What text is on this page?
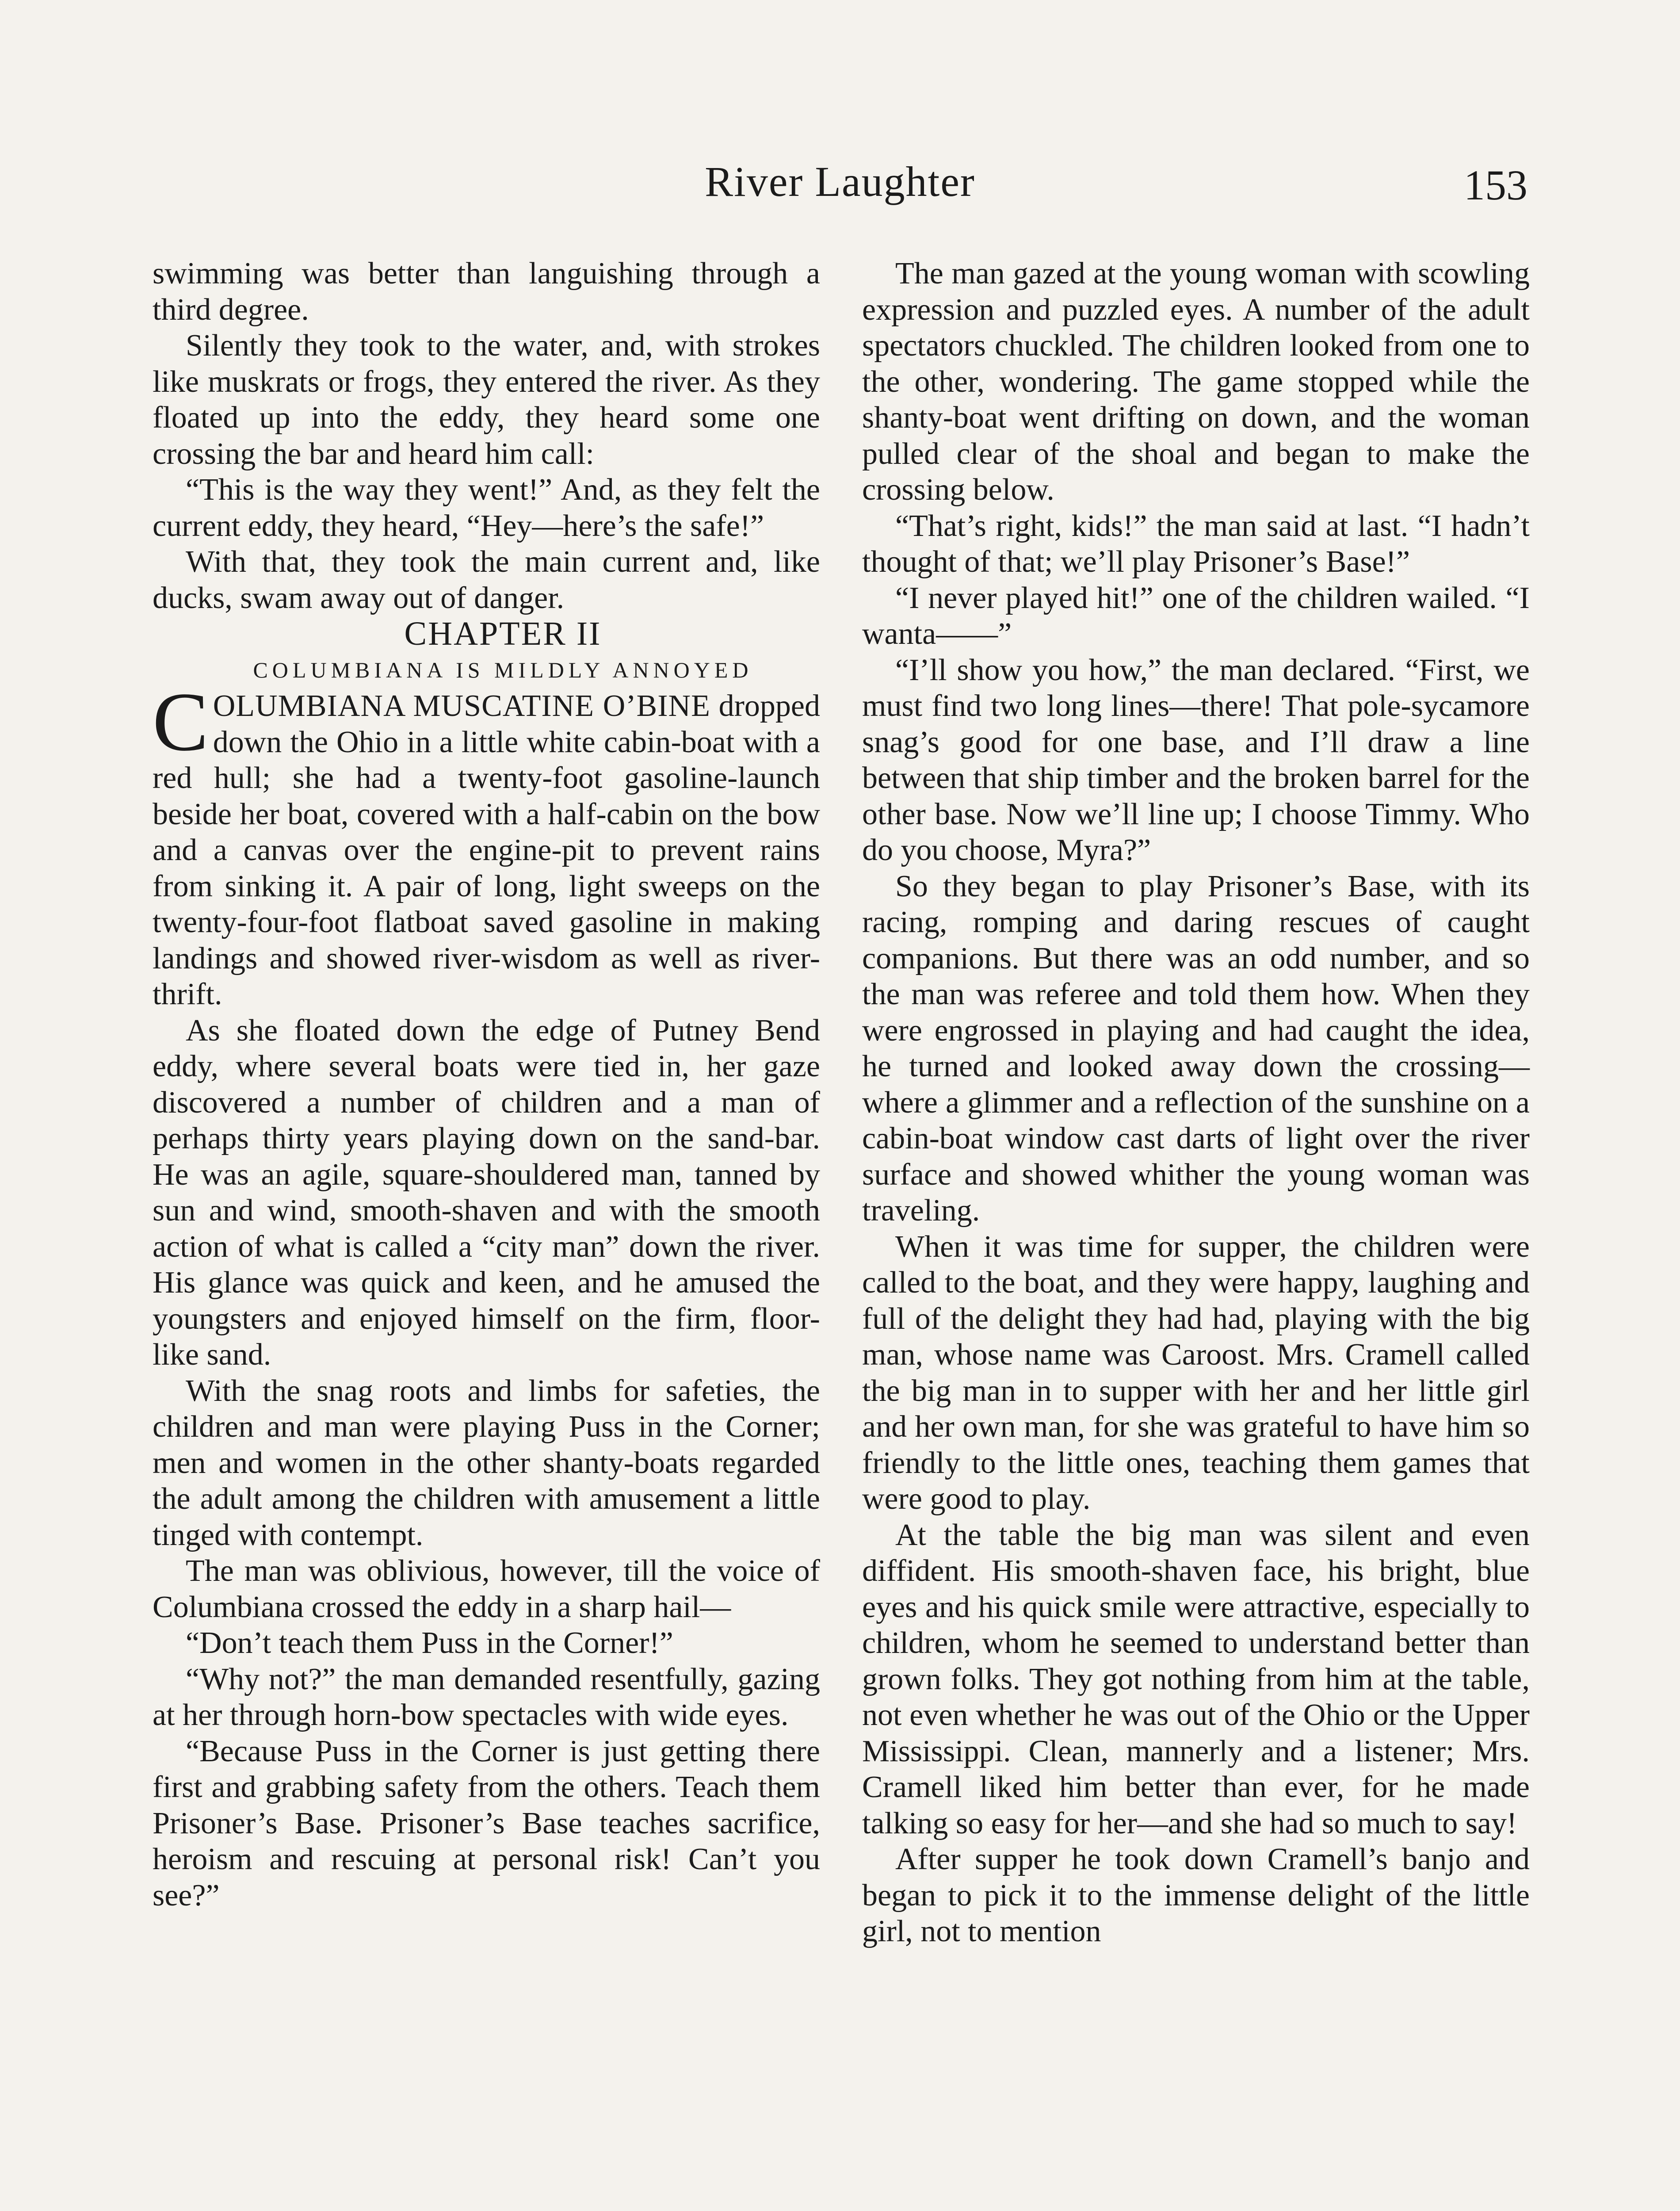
River Laughter	153

swimming was better than languishing through a third degree.

Silently they took to the water, and, with strokes like muskrats or frogs, they entered the river. As they floated up into the eddy, they heard some one crossing the bar and heard him call:

“This is the way they went!” And, as they felt the current eddy, they heard, “Hey—here’s the safe!”

With that, they took the main current and, like ducks, swam away out of danger.

CHAPTER II

COLUMBIANA IS MILDLY ANNOYED

COLUMBIANA MUSCATINE O’BINE dropped down the Ohio in a little white cabin-boat with a red hull; she had a twenty-foot gasoline-launch beside her boat, covered with a half-cabin on the bow and a canvas over the engine-pit to prevent rains from sinking it. A pair of long, light sweeps on the twenty-four-foot flatboat saved gasoline in making landings and showed river-wisdom as well as river-thrift.

As she floated down the edge of Putney Bend eddy, where several boats were tied in, her gaze discovered a number of children and a man of perhaps thirty years playing down on the sand-bar. He was an agile, square-shouldered man, tanned by sun and wind, smooth-shaven and with the smooth action of what is called a “city man” down the river. His glance was quick and keen, and he amused the youngsters and enjoyed himself on the firm, floor-like sand.

With the snag roots and limbs for safeties, the children and man were playing Puss in the Corner; men and women in the other shanty-boats regarded the adult among the children with amusement a little tinged with contempt.

The man was oblivious, however, till the voice of Columbiana crossed the eddy in a sharp hail—

“Don’t teach them Puss in the Corner!”

“Why not?” the man demanded resentfully, gazing at her through horn-bow spectacles with wide eyes.

“Because Puss in the Corner is just getting there first and grabbing safety from the others. Teach them Prisoner’s Base. Prisoner’s Base teaches sacrifice, heroism and rescuing at personal risk! Can’t you see?”

The man gazed at the young woman with scowling expression and puzzled eyes. A number of the adult spectators chuckled. The children looked from one to the other, wondering. The game stopped while the shanty-boat went drifting on down, and the woman pulled clear of the shoal and began to make the crossing below.

“That’s right, kids!” the man said at last. “I hadn’t thought of that; we’ll play Prisoner’s Base!”

“I never played hit!” one of the children wailed. “I wanta——”

“I’ll show you how,” the man declared. “First, we must find two long lines—there! That pole-sycamore snag’s good for one base, and I’ll draw a line between that ship timber and the broken barrel for the other base. Now we’ll line up; I choose Timmy. Who do you choose, Myra?”

So they began to play Prisoner’s Base, with its racing, romping and daring rescues of caught companions. But there was an odd number, and so the man was referee and told them how. When they were engrossed in playing and had caught the idea, he turned and looked away down the crossing—where a glimmer and a reflection of the sunshine on a cabin-boat window cast darts of light over the river surface and showed whither the young woman was traveling.

When it was time for supper, the children were called to the boat, and they were happy, laughing and full of the delight they had had, playing with the big man, whose name was Caroost. Mrs. Cramell called the big man in to supper with her and her little girl and her own man, for she was grateful to have him so friendly to the little ones, teaching them games that were good to play.

At the table the big man was silent and even diffident. His smooth-shaven face, his bright, blue eyes and his quick smile were attractive, especially to children, whom he seemed to understand better than grown folks. They got nothing from him at the table, not even whether he was out of the Ohio or the Upper Mississippi. Clean, mannerly and a listener; Mrs. Cramell liked him better than ever, for he made talking so easy for her—and she had so much to say!

After supper he took down Cramell’s banjo and began to pick it to the immense delight of the little girl, not to mention
